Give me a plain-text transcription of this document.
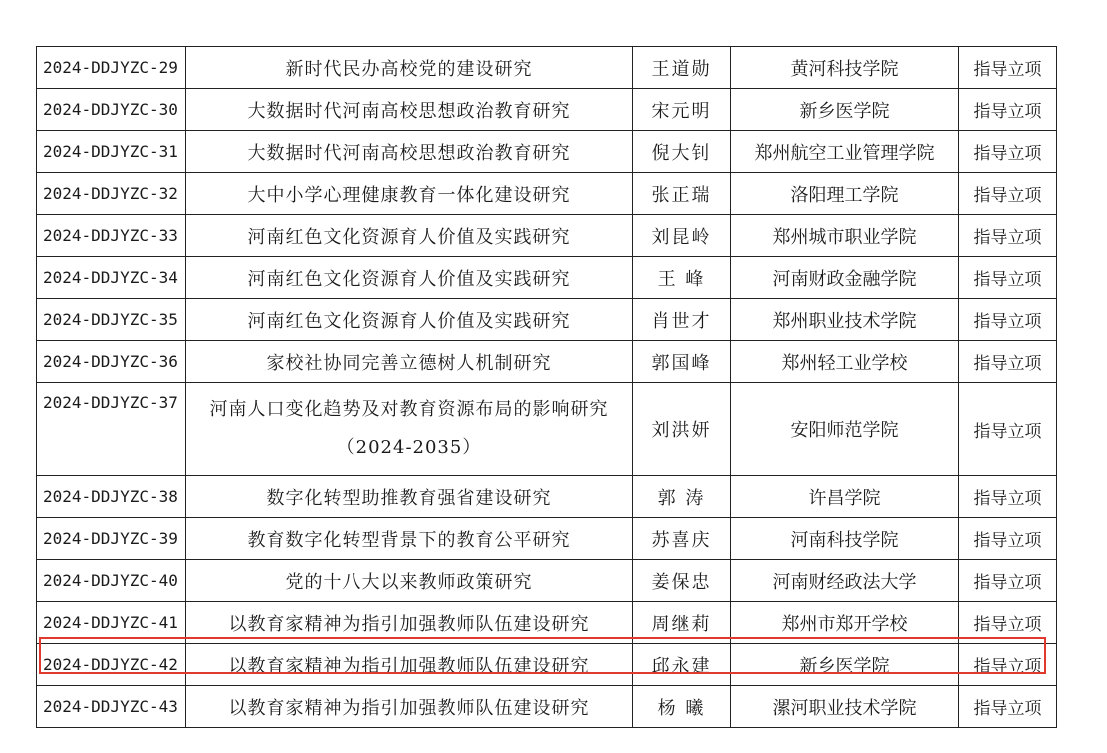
2024-DDJYZC-29	新时代民办高校党的建设研究	王道勋	黄河科技学院	指导立项
2024-DDJYZC-30	大数据时代河南高校思想政治教育研究	宋元明	新乡医学院	指导立项
2024-DDJYZC-31	大数据时代河南高校思想政治教育研究	倪大钊	郑州航空工业管理学院	指导立项
2024-DDJYZC-32	大中小学心理健康教育一体化建设研究	张正瑞	洛阳理工学院	指导立项
2024-DDJYZC-33	河南红色文化资源育人价值及实践研究	刘昆岭	郑州城市职业学院	指导立项
2024-DDJYZC-34	河南红色文化资源育人价值及实践研究	王 峰	河南财政金融学院	指导立项
2024-DDJYZC-35	河南红色文化资源育人价值及实践研究	肖世才	郑州职业技术学院	指导立项
2024-DDJYZC-36	家校社协同完善立德树人机制研究	郭国峰	郑州轻工业学校	指导立项
2024-DDJYZC-37	河南人口变化趋势及对教育资源布局的影响研究（2024-2035）	刘洪妍	安阳师范学院	指导立项
2024-DDJYZC-38	数字化转型助推教育强省建设研究	郭 涛	许昌学院	指导立项
2024-DDJYZC-39	教育数字化转型背景下的教育公平研究	苏喜庆	河南科技学院	指导立项
2024-DDJYZC-40	党的十八大以来教师政策研究	姜保忠	河南财经政法大学	指导立项
2024-DDJYZC-41	以教育家精神为指引加强教师队伍建设研究	周继莉	郑州市郑开学校	指导立项
2024-DDJYZC-42	以教育家精神为指引加强教师队伍建设研究	邱永建	新乡医学院	指导立项
2024-DDJYZC-43	以教育家精神为指引加强教师队伍建设研究	杨 曦	漯河职业技术学院	指导立项
